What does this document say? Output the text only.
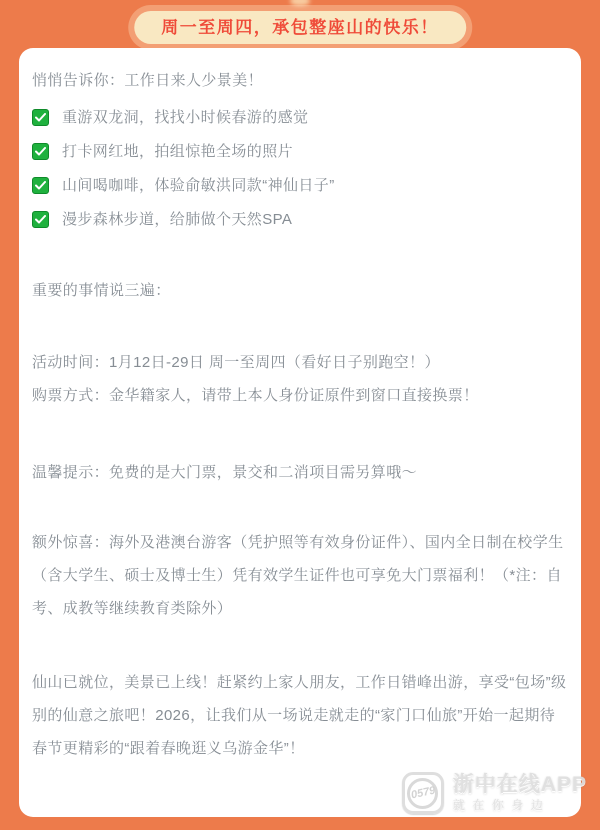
周一至周四，承包整座山的快乐！

悄悄告诉你：工作日来人少景美！

重游双龙洞，找找小时候春游的感觉
打卡网红地，拍组惊艳全场的照片
山间喝咖啡，体验俞敏洪同款“神仙日子”
漫步森林步道，给肺做个天然SPA

重要的事情说三遍：

活动时间：1月12日-29日 周一至周四（看好日子别跑空！）

购票方式：金华籍家人，请带上本人身份证原件到窗口直接换票！

温馨提示：免费的是大门票，景交和二消项目需另算哦～

额外惊喜：海外及港澳台游客（凭护照等有效身份证件）、国内全日制在校学生（含大学生、硕士及博士生）凭有效学生证件也可享免大门票福利！（*注：自考、成教等继续教育类除外）

仙山已就位，美景已上线！赶紧约上家人朋友，工作日错峰出游，享受“包场”级别的仙意之旅吧！2026，让我们从一场说走就走的“家门口仙旅”开始一起期待春节更精彩的“跟着春晚逛义乌游金华”！

0579 浙中在线APP
就在你身边
